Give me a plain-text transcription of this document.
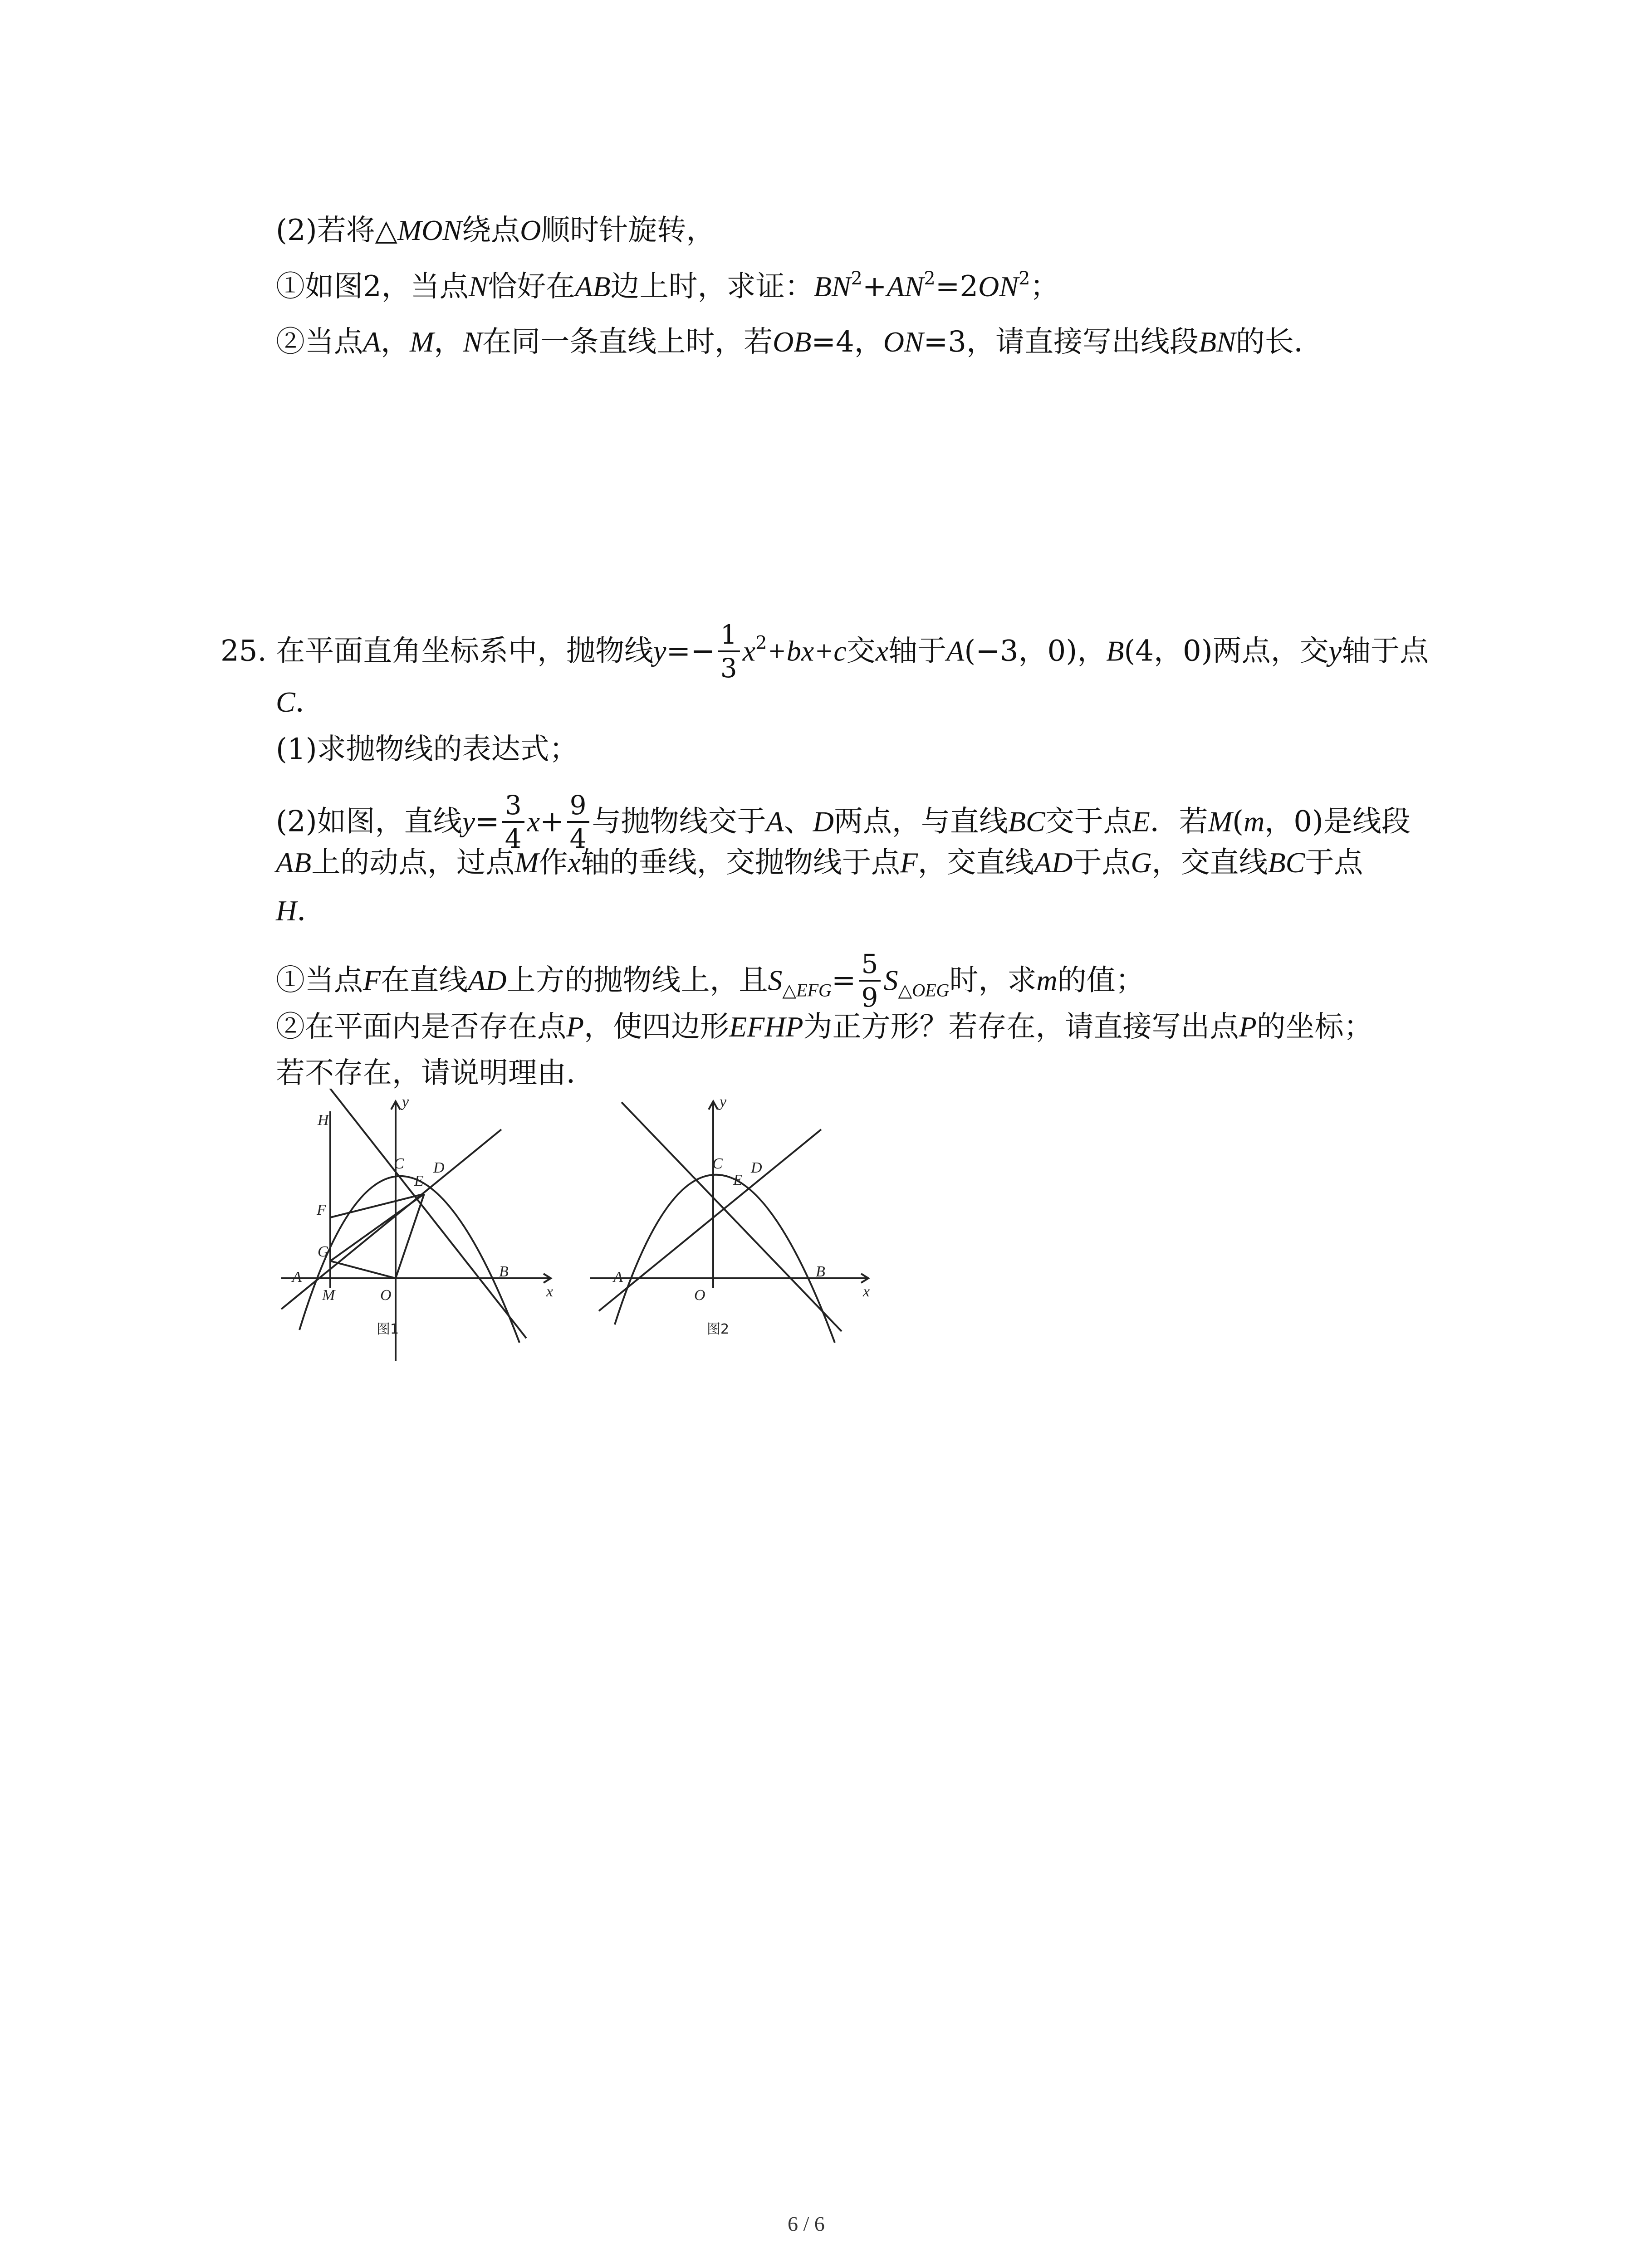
(2)若将△MON绕点O顺时针旋转，
①如图2，当点N恰好在AB边上时，求证：$BN^2+AN^2=2ON^2$；
②当点A，M，N在同一条直线上时，若OB=4，ON=3，请直接写出线段BN的长．
25. 在平面直角坐标系中，抛物线$y=- \frac{1}{3} x^2+bx+c$交x轴于A(−3，0)，B(4，0)两点，交y轴于点
C．
(1)求抛物线的表达式；
(2)如图，直线$y= \frac{3}{4} x+ \frac{9}{4}$ 与抛物线交于A、D两点，与直线BC交于点E．若M(m，0)是线段
AB上的动点，过点M作x轴的垂线，交抛物线于点F，交直线AD于点G，交直线BC于点
H．
①当点F在直线AD上方的抛物线上，且$S_{\triangle EFG}= \frac{5}{9} S_{\triangle OEG}$时，求m的值；
②在平面内是否存在点P，使四边形EFHP为正方形？若存在，请直接写出点P的坐标；
若不存在，请说明理由．
H
y
C D
E
F
G
A	B
M	O	x
图1
y
C D
E
A	B
O	x
图2
6 / 6
